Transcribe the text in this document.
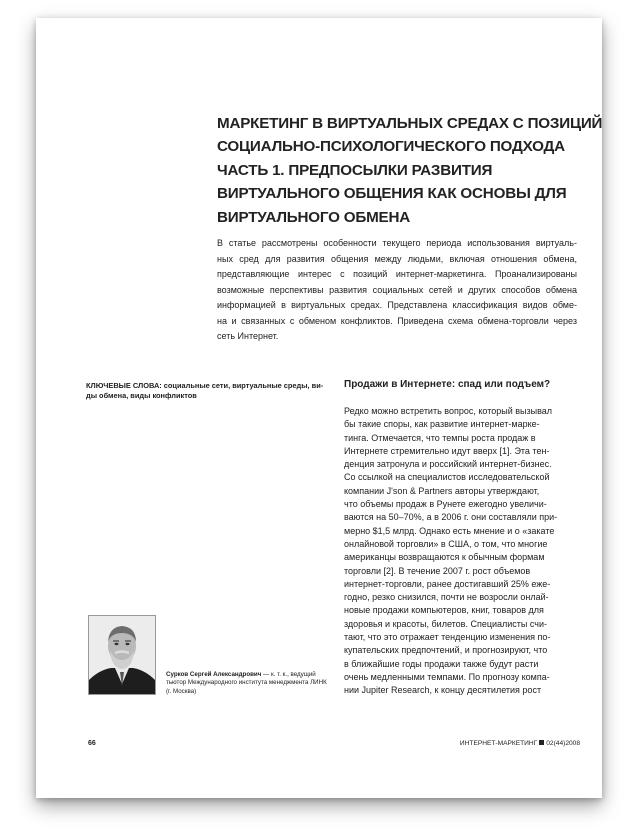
МАРКЕТИНГ В ВИРТУАЛЬНЫХ СРЕДАХ С ПОЗИЦИЙ
СОЦИАЛЬНО-ПСИХОЛОГИЧЕСКОГО ПОДХОДА
ЧАСТЬ 1. ПРЕДПОСЫЛКИ РАЗВИТИЯ
ВИРТУАЛЬНОГО ОБЩЕНИЯ КАК ОСНОВЫ ДЛЯ
ВИРТУАЛЬНОГО ОБМЕНА
В статье рассмотрены особенности текущего периода использования виртуаль-
ных сред для развития общения между людьми, включая отношения обмена,
представляющие интерес с позиций интернет-маркетинга. Проанализированы
возможные перспективы развития социальных сетей и других способов обмена
информацией в виртуальных средах. Представлена классификация видов обме-
на и связанных с обменом конфликтов. Приведена схема обмена-торговли через
сеть Интернет.
КЛЮЧЕВЫЕ СЛОВА: социальные сети, виртуальные среды, ви-
ды обмена, виды конфликтов
Продажи в Интернете: спад или подъем?
Редко можно встретить вопрос, который вызывал
бы такие споры, как развитие интернет-марке-
тинга. Отмечается, что темпы роста продаж в
Интернете стремительно идут вверх [1]. Эта тен-
денция затронула и российский интернет-бизнес.
Со ссылкой на специалистов исследовательской
компании J'son & Partners авторы утверждают,
что объемы продаж в Рунете ежегодно увеличи-
ваются на 50–70%, а в 2006 г. они составляли при-
мерно $1,5 млрд. Однако есть мнение и о «закате
онлайновой торговли» в США, о том, что многие
американцы возвращаются к обычным формам
торговли [2]. В течение 2007 г. рост объемов
интернет-торговли, ранее достигавший 25% еже-
годно, резко снизился, почти не возросли онлай-
новые продажи компьютеров, книг, товаров для
здоровья и красоты, билетов. Специалисты счи-
тают, что это отражает тенденцию изменения по-
купательских предпочтений, и прогнозируют, что
в ближайшие годы продажи также будут расти
очень медленными темпами. По прогнозу компа-
нии Jupiter Research, к концу десятилетия рост
Сурков Сергей Александрович — к. т. к., ведущий
тьютор Международного института менеджмента ЛИНК
(г. Москва)
66	ИНТЕРНЕТ-МАРКЕТИНГ 02(44)2008
